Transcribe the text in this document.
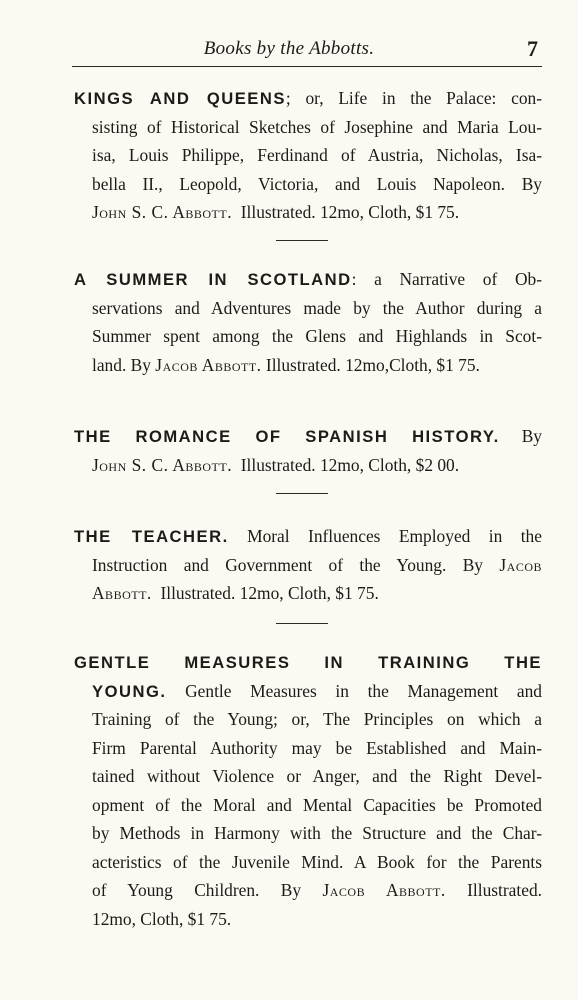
Books by the Abbotts.	7
KINGS AND QUEENS; or, Life in the Palace: con-
sisting of Historical Sketches of Josephine and Maria Lou-
isa, Louis Philippe, Ferdinand of Austria, Nicholas, Isa-
bella II., Leopold, Victoria, and Louis Napoleon. By
John S. C. Abbott. Illustrated. 12mo, Cloth, $1 75.
A SUMMER IN SCOTLAND: a Narrative of Ob-
servations and Adventures made by the Author during a
Summer spent among the Glens and Highlands in Scot-
land. By Jacob Abbott. Illustrated. 12mo,Cloth, $1 75.
THE ROMANCE OF SPANISH HISTORY. By
John S. C. Abbott. Illustrated. 12mo, Cloth, $2 00.
THE TEACHER. Moral Influences Employed in the
Instruction and Government of the Young. By Jacob
Abbott. Illustrated. 12mo, Cloth, $1 75.
GENTLE MEASURES IN TRAINING THE
YOUNG. Gentle Measures in the Management and
Training of the Young; or, The Principles on which a
Firm Parental Authority may be Established and Main-
tained without Violence or Anger, and the Right Devel-
opment of the Moral and Mental Capacities be Promoted
by Methods in Harmony with the Structure and the Char-
acteristics of the Juvenile Mind. A Book for the Parents
of Young Children. By Jacob Abbott. Illustrated.
12mo, Cloth, $1 75.
